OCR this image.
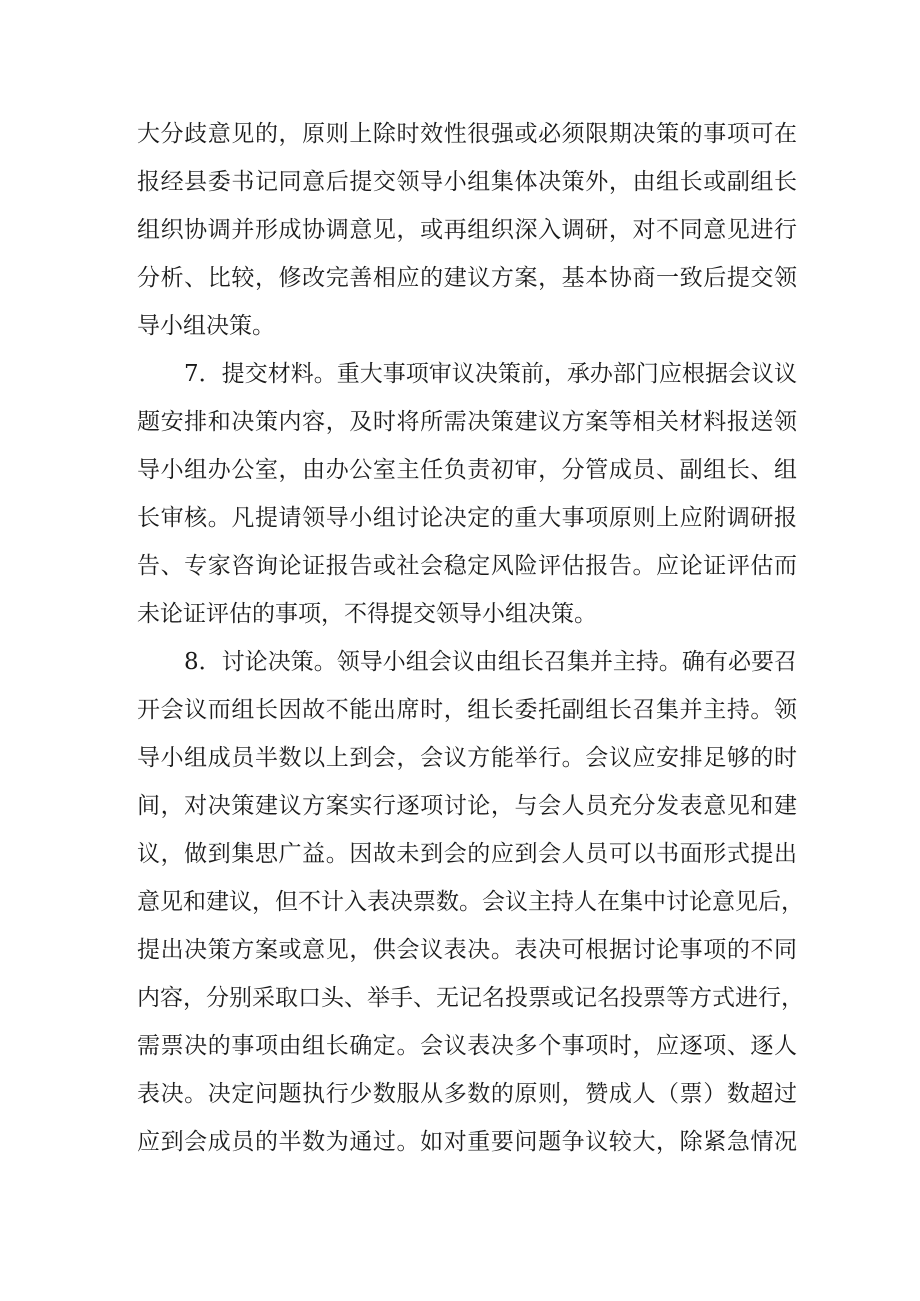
大分歧意见的，原则上除时效性很强或必须限期决策的事项可在
报经县委书记同意后提交领导小组集体决策外，由组长或副组长
组织协调并形成协调意见，或再组织深入调研，对不同意见进行
分析、比较，修改完善相应的建议方案，基本协商一致后提交领
导小组决策。
7．提交材料。重大事项审议决策前，承办部门应根据会议议
题安排和决策内容，及时将所需决策建议方案等相关材料报送领
导小组办公室，由办公室主任负责初审，分管成员、副组长、组
长审核。凡提请领导小组讨论决定的重大事项原则上应附调研报
告、专家咨询论证报告或社会稳定风险评估报告。应论证评估而
未论证评估的事项，不得提交领导小组决策。
8．讨论决策。领导小组会议由组长召集并主持。确有必要召
开会议而组长因故不能出席时，组长委托副组长召集并主持。领
导小组成员半数以上到会，会议方能举行。会议应安排足够的时
间，对决策建议方案实行逐项讨论，与会人员充分发表意见和建
议，做到集思广益。因故未到会的应到会人员可以书面形式提出
意见和建议，但不计入表决票数。会议主持人在集中讨论意见后，
提出决策方案或意见，供会议表决。表决可根据讨论事项的不同
内容，分别采取口头、举手、无记名投票或记名投票等方式进行，
需票决的事项由组长确定。会议表决多个事项时，应逐项、逐人
表决。决定问题执行少数服从多数的原则，赞成人（票）数超过
应到会成员的半数为通过。如对重要问题争议较大，除紧急情况
